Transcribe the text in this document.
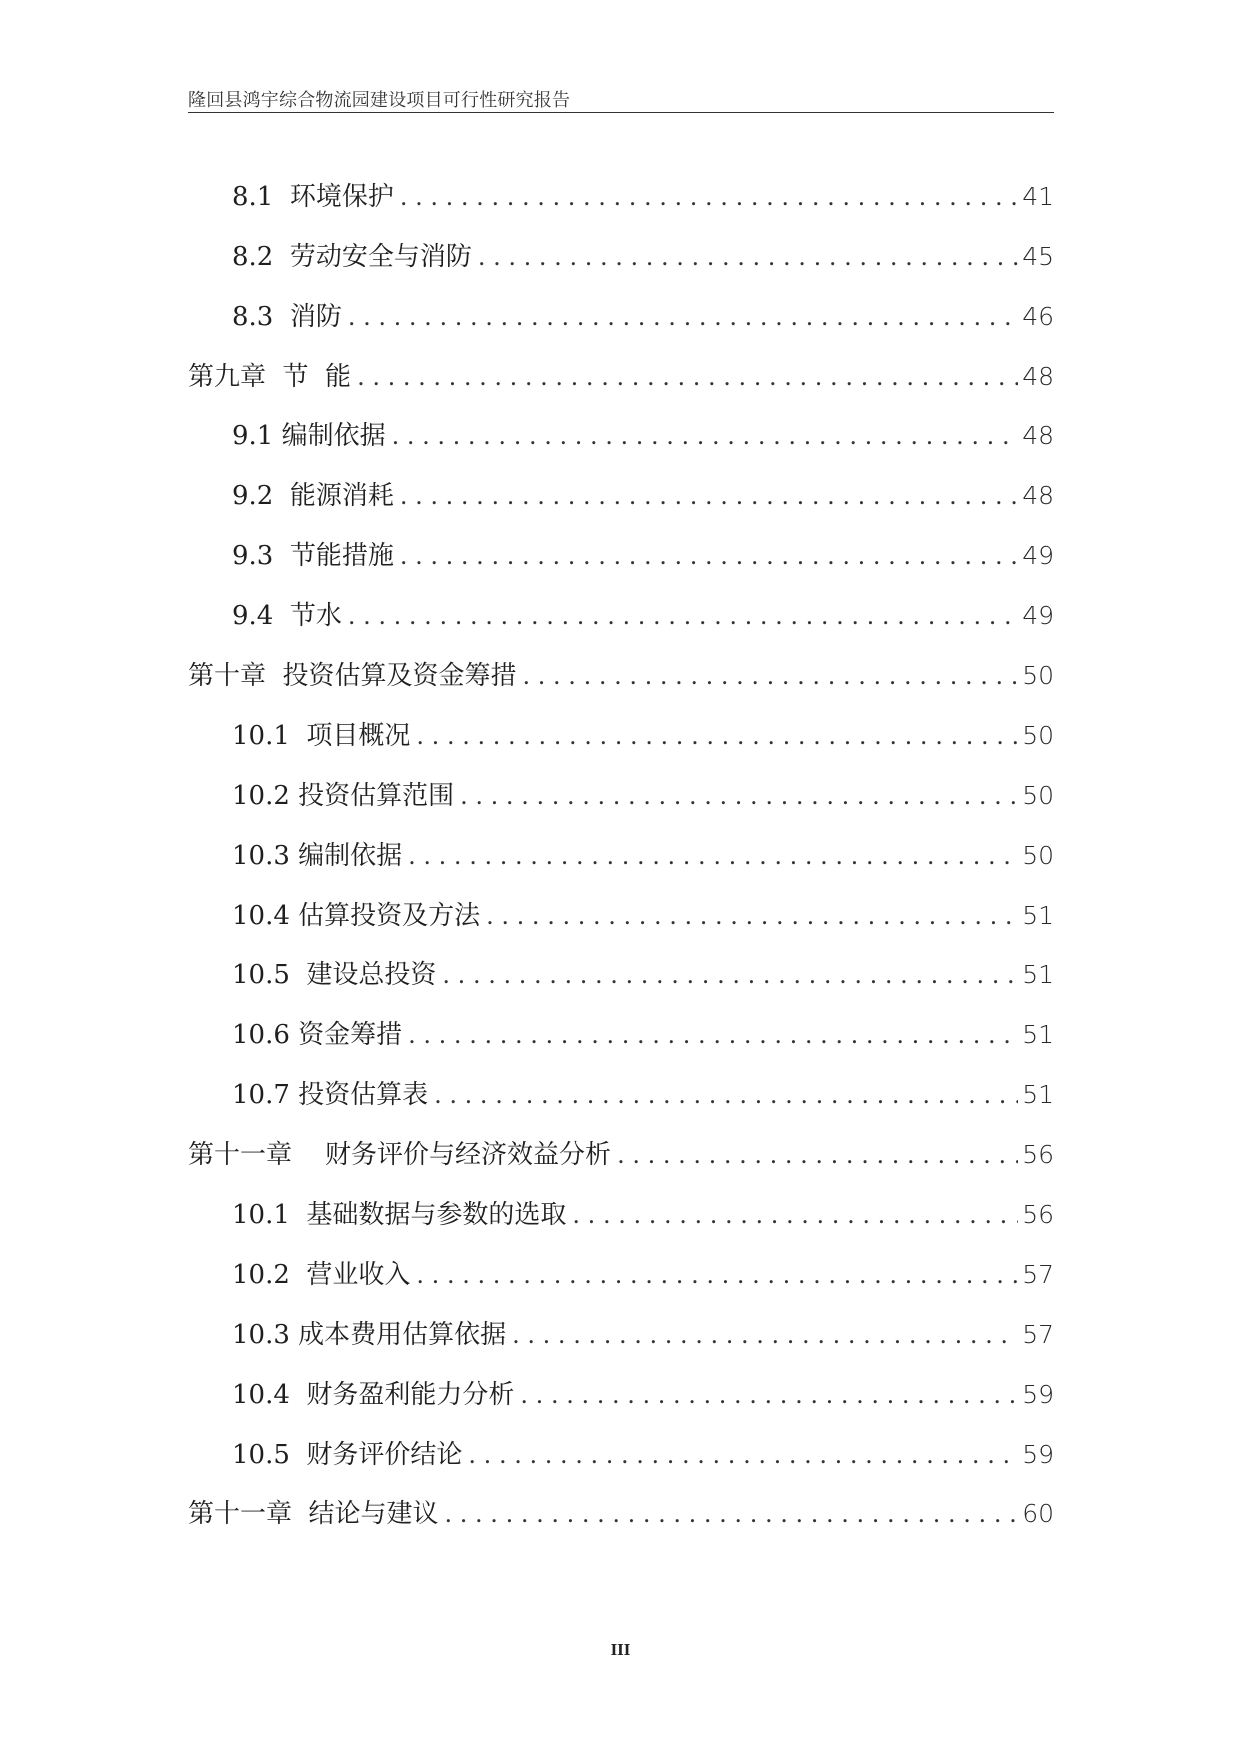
隆回县鸿宇综合物流园建设项目可行性研究报告
8.1  环境保护 . . .	41
8.2  劳动安全与消防 . . .	45
8.3  消防 . . .	46
第九章  节  能 . . .	48
9.1 编制依据 . . .	48
9.2  能源消耗 . . .	48
9.3  节能措施 . . .	49
9.4  节水 . . .	49
第十章  投资估算及资金筹措 . . .	50
10.1  项目概况 . . .	50
10.2 投资估算范围 . . .	50
10.3 编制依据 . . .	50
10.4 估算投资及方法 . . .	51
10.5  建设总投资 . . .	51
10.6 资金筹措 . . .	51
10.7 投资估算表 . . .	51
第十一章    财务评价与经济效益分析 . . .	56
10.1  基础数据与参数的选取 . . .	56
10.2  营业收入 . . .	57
10.3 成本费用估算依据 . . .	57
10.4  财务盈利能力分析 . . .	59
10.5  财务评价结论 . . .	59
第十一章  结论与建议 . . .	60
III
